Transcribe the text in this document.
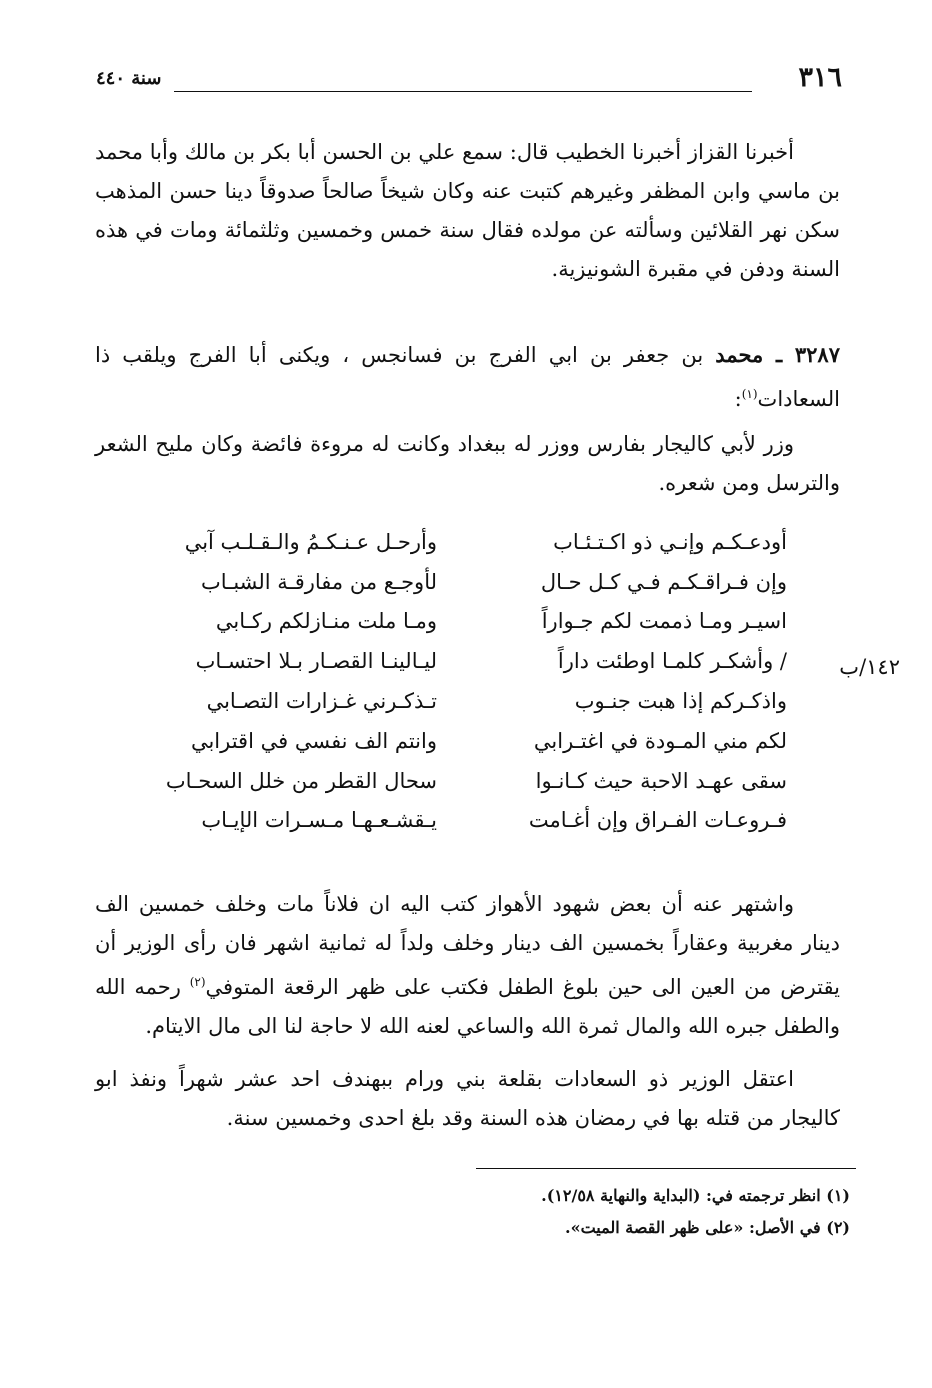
٣١٦
سنة ٤٤٠

أخبرنا القزاز أخبرنا الخطيب قال: سمع علي بن الحسن أبا بكر بن مالك وأبا محمد بن ماسي وابن المظفر وغيرهم كتبت عنه وكان شيخاً صالحاً صدوقاً دينا حسن المذهب سكن نهر القلائين وسألته عن مولده فقال سنة خمس وخمسين وثلثمائة ومات في هذه السنة ودفن في مقبرة الشونيزية.

٣٢٨٧ ـ محمد بن جعفر بن ابي الفرج بن فسانجس ، ويكنى أبا الفرج ويلقب ذا السعادات$^{(١)}$:

وزر لأبي كاليجار بفارس ووزر له ببغداد وكانت له مروءة فائضة وكان مليح الشعر والترسل ومن شعره.

أودعـكـم وإنـي ذو اكـتـئـاب
وأرحـل عـنـكـمُ والـقـلـب آبي
وإن فـراقـكـم فـي كـل حـال
لأوجـع من مفارقـة الشبـاب
اسيـر ومـا ذممت لكم جـواراً
ومـا ملت منـازلكم ركـابي
/ وأشكـر كلمـا اوطئت داراً
ليـالينـا القصـار بـلا احتسـاب
واذكـركم إذا هبت جنـوب
تـذكـرني غـزارات التصـابي
لكم مني المـودة في اغتـرابي
وانتم الف نفسي في اقترابي
سقى عهـد الاحبة حيث كـانـوا
سحال القطر من خلل السحـاب
فـروعـات الفـراق وإن أغـامت
يـقشـعـهـا مـسـرات الإيـاب
١٤٢/ب

واشتهر عنه أن بعض شهود الأهواز كتب اليه ان فلاناً مات وخلف خمسين الف دينار مغربية وعقاراً بخمسين الف دينار وخلف ولداً له ثمانية اشهر فان رأى الوزير أن يقترض من العين الى حين بلوغ الطفل فكتب على ظهر الرقعة المتوفي$^{(٢)}$ رحمه الله والطفل جبره الله والمال ثمرة الله والساعي لعنه الله لا حاجة لنا الى مال الايتام.

اعتقل الوزير ذو السعادات بقلعة بني ورام ببهندف احد عشر شهراً ونفذ ابو كاليجار من قتله بها في رمضان هذه السنة وقد بلغ احدى وخمسين سنة.

(١) انظر ترجمته في: (البداية والنهاية ١٢/٥٨).
(٢) في الأصل: «على ظهر القصة الميت».
